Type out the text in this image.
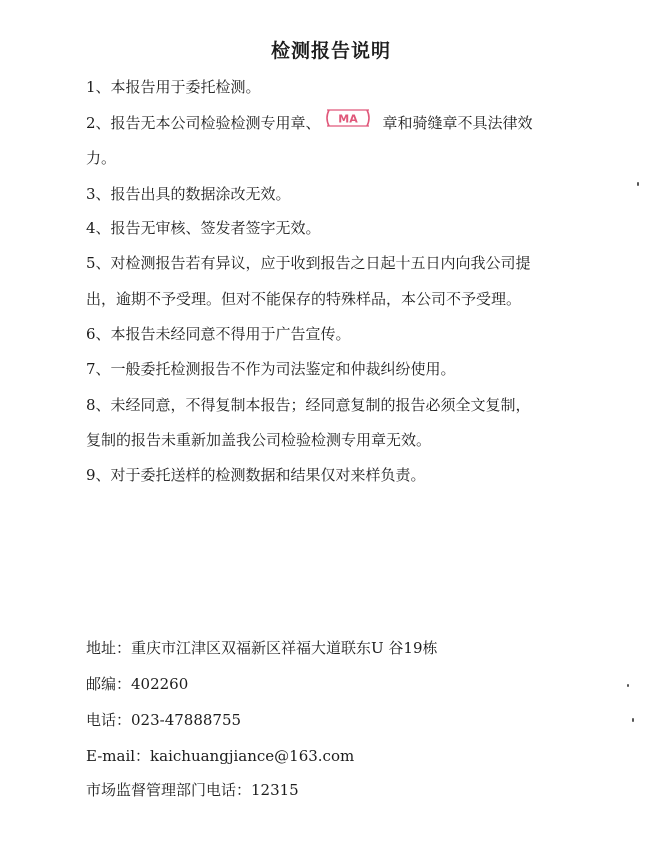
检测报告说明
1、本报告用于委托检测。
2、报告无本公司检验检测专用章、 MA 章和骑缝章不具法律效
力。
3、报告出具的数据涂改无效。
4、报告无审核、签发者签字无效。
5、对检测报告若有异议，应于收到报告之日起十五日内向我公司提
出，逾期不予受理。但对不能保存的特殊样品，本公司不予受理。
6、本报告未经同意不得用于广告宣传。
7、一般委托检测报告不作为司法鉴定和仲裁纠纷使用。
8、未经同意，不得复制本报告；经同意复制的报告必须全文复制，
复制的报告未重新加盖我公司检验检测专用章无效。
9、对于委托送样的检测数据和结果仅对来样负责。
地址：重庆市江津区双福新区祥福大道联东U 谷19栋
邮编：402260
电话：023-47888755
E-mail：kaichuangjiance@163.com
市场监督管理部门电话：12315
